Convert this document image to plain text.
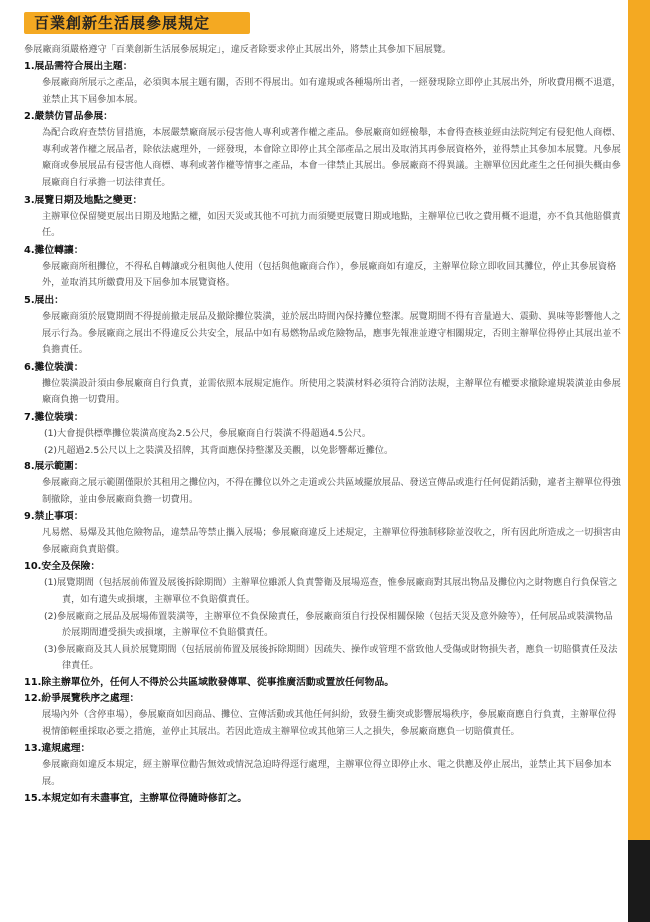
百業創新生活展參展規定

參展廠商須嚴格遵守「百業創新生活展參展規定」，違反者除要求停止其展出外，將禁止其參加下屆展覽。

1.展品需符合展出主題：

參展廠商所展示之產品，必須與本展主題有關，否則不得展出。如有違規或各種場所出者，一經發現除立即停止其展出外，所收費用概不退還，並禁止其下屆參加本展。

2.嚴禁仿冒品參展：

為配合政府查禁仿冒措施，本展嚴禁廠商展示侵害他人專利或著作權之產品。參展廠商如經檢舉，本會得查核並經由法院判定有侵犯他人商標、專利或著作權之展品者，除依法處理外，一經發現，本會除立即停止其全部產品之展出及取消其再參展資格外，並得禁止其參加本展覽。凡參展廠商或參展展品有侵害他人商標、專利或著作權等情事之產品，本會一律禁止其展出。參展廠商不得異議。主辦單位因此產生之任何損失概由參展廠商自行承擔一切法律責任。

3.展覽日期及地點之變更：

主辦單位保留變更展出日期及地點之權，如因天災或其他不可抗力而須變更展覽日期或地點，主辦單位已收之費用概不退還，亦不負其他賠償責任。

4.攤位轉讓：

參展廠商所租攤位，不得私自轉讓或分租與他人使用（包括與他廠商合作），參展廠商如有違反，主辦單位除立即收回其攤位，停止其參展資格外，並取消其所繳費用及下屆參加本展覽資格。

5.展出：

參展廠商須於展覽期間不得提前撤走展品及撤除攤位裝潢，並於展出時間內保持攤位整潔。展覽期間不得有音量過大、震動、異味等影響他人之展示行為。參展廠商之展出不得違反公共安全，展品中如有易燃物品或危險物品，應事先報准並遵守相關規定，否則主辦單位得停止其展出並不負擔責任。

6.攤位裝潢：

攤位裝潢設計須由參展廠商自行負責，並需依照本展規定施作。所使用之裝潢材料必須符合消防法規，主辦單位有權要求撤除違規裝潢並由參展廠商負擔一切費用。

7.攤位裝璜：

(1)大會提供標準攤位裝潢高度為2.5公尺，參展廠商自行裝潢不得超過4.5公尺。

(2)凡超過2.5公尺以上之裝潢及招牌，其背面應保持整潔及美觀，以免影響鄰近攤位。

8.展示範圍：

參展廠商之展示範圍僅限於其租用之攤位內，不得在攤位以外之走道或公共區域擺放展品、發送宣傳品或進行任何促銷活動，違者主辦單位得強制撤除，並由參展廠商負擔一切費用。

9.禁止事項：

凡易燃、易爆及其他危險物品，違禁品等禁止攜入展場；參展廠商違反上述規定，主辦單位得強制移除並沒收之，所有因此所造成之一切損害由參展廠商負責賠償。

10.安全及保險：

(1)展覽期間（包括展前佈置及展後拆除期間）主辦單位雖派人負責警衛及展場巡查，惟參展廠商對其展出物品及攤位內之財物應自行負保管之責，如有遺失或損壞，主辦單位不負賠償責任。

(2)參展廠商之展品及展場佈置裝潢等，主辦單位不負保險責任，參展廠商須自行投保相關保險（包括天災及意外險等），任何展品或裝潢物品於展期間遭受損失或損壞，主辦單位不負賠償責任。

(3)參展廠商及其人員於展覽期間（包括展前佈置及展後拆除期間）因疏失、操作或管理不當致他人受傷或財物損失者，應負一切賠償責任及法律責任。

11.除主辦單位外，任何人不得於公共區域散發傳單、從事推廣活動或置放任何物品。

12.紛爭展覽秩序之處理：

展場內外（含停車場），參展廠商如因商品、攤位、宣傳活動或其他任何糾紛，致發生衝突或影響展場秩序，參展廠商應自行負責，主辦單位得視情節輕重採取必要之措施，並停止其展出。若因此造成主辦單位或其他第三人之損失，參展廠商應負一切賠償責任。

13.違規處理：

參展廠商如違反本規定，經主辦單位勸告無效或情況急迫時得逕行處理，主辦單位得立即停止水、電之供應及停止展出，並禁止其下屆參加本展。

15.本規定如有未盡事宜，主辦單位得隨時修訂之。
